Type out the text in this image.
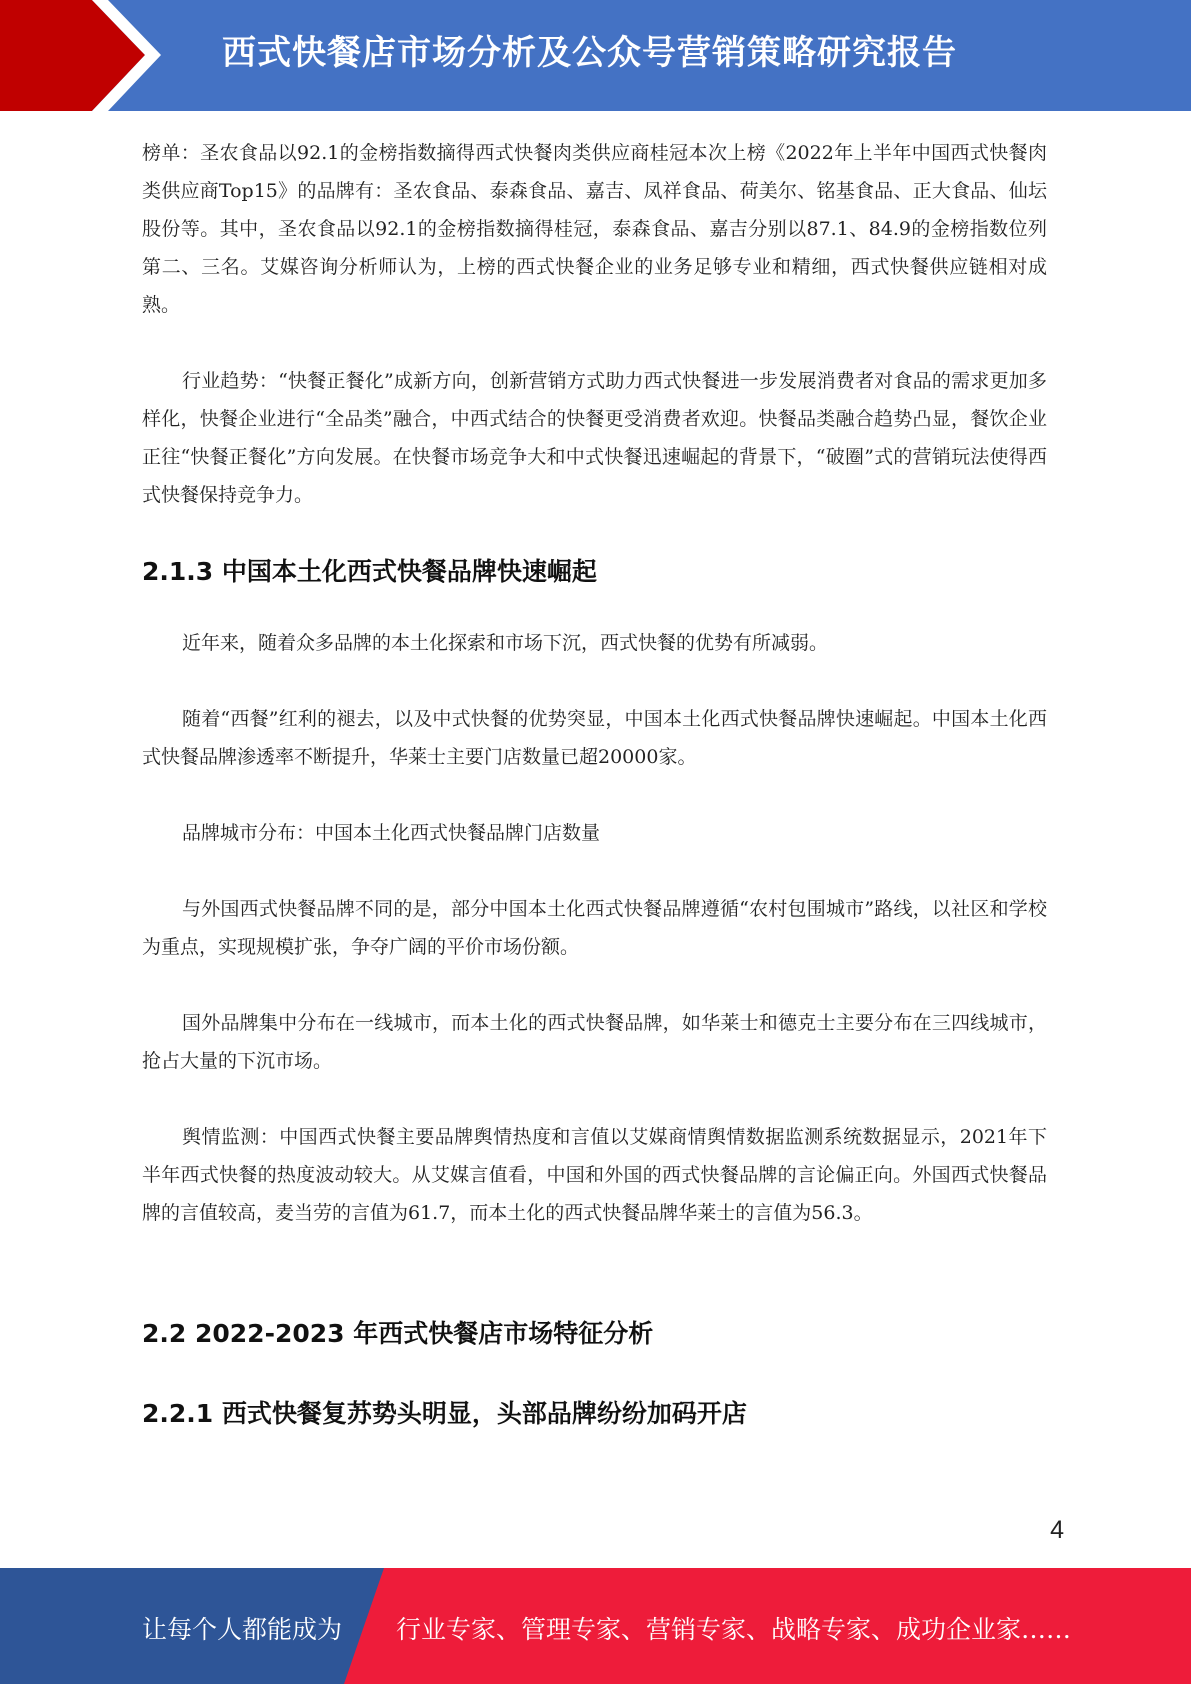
西式快餐店市场分析及公众号营销策略研究报告

榜单：圣农食品以92.1的金榜指数摘得西式快餐肉类供应商桂冠本次上榜《2022年上半年中国西式快餐肉类供应商Top15》的品牌有：圣农食品、泰森食品、嘉吉、凤祥食品、荷美尔、铭基食品、正大食品、仙坛股份等。其中，圣农食品以92.1的金榜指数摘得桂冠，泰森食品、嘉吉分别以87.1、84.9的金榜指数位列第二、三名。艾媒咨询分析师认为，上榜的西式快餐企业的业务足够专业和精细，西式快餐供应链相对成熟。

行业趋势：“快餐正餐化”成新方向，创新营销方式助力西式快餐进一步发展消费者对食品的需求更加多样化，快餐企业进行“全品类”融合，中西式结合的快餐更受消费者欢迎。快餐品类融合趋势凸显，餐饮企业正往“快餐正餐化”方向发展。在快餐市场竞争大和中式快餐迅速崛起的背景下，“破圈”式的营销玩法使得西式快餐保持竞争力。

2.1.3 中国本土化西式快餐品牌快速崛起

近年来，随着众多品牌的本土化探索和市场下沉，西式快餐的优势有所减弱。

随着“西餐”红利的褪去，以及中式快餐的优势突显，中国本土化西式快餐品牌快速崛起。中国本土化西式快餐品牌渗透率不断提升，华莱士主要门店数量已超20000家。

品牌城市分布：中国本土化西式快餐品牌门店数量

与外国西式快餐品牌不同的是，部分中国本土化西式快餐品牌遵循“农村包围城市”路线，以社区和学校为重点，实现规模扩张，争夺广阔的平价市场份额。

国外品牌集中分布在一线城市，而本土化的西式快餐品牌，如华莱士和德克士主要分布在三四线城市，抢占大量的下沉市场。

舆情监测：中国西式快餐主要品牌舆情热度和言值以艾媒商情舆情数据监测系统数据显示，2021年下半年西式快餐的热度波动较大。从艾媒言值看，中国和外国的西式快餐品牌的言论偏正向。外国西式快餐品牌的言值较高，麦当劳的言值为61.7，而本土化的西式快餐品牌华莱士的言值为56.3。

2.2 2022-2023 年西式快餐店市场特征分析
2.2.1 西式快餐复苏势头明显，头部品牌纷纷加码开店
4
让每个人都能成为 行业专家、管理专家、营销专家、战略专家、成功企业家……
